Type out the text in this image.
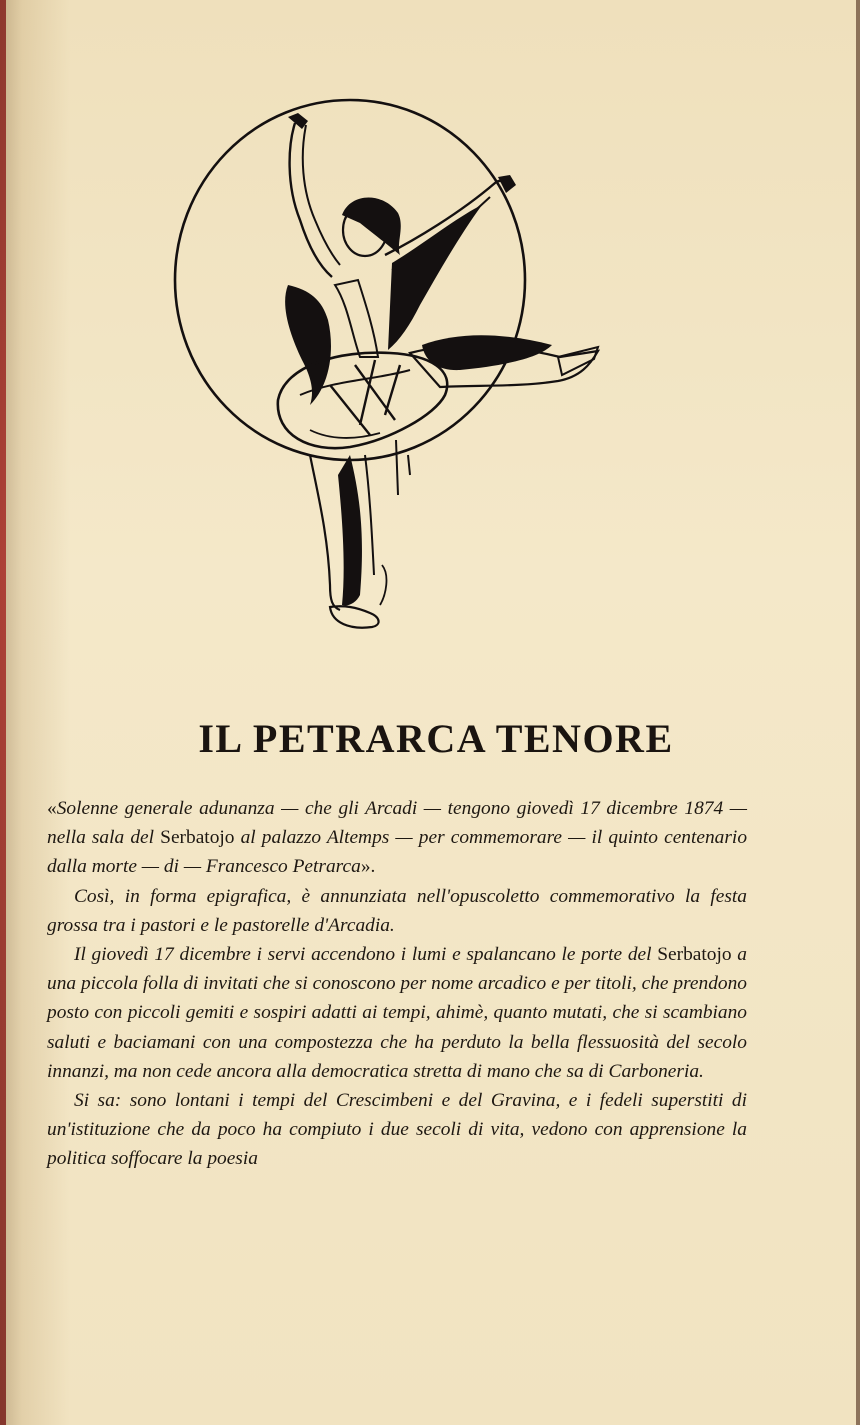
IL PETRARCA TENORE

«Solenne generale adunanza — che gli Arcadi — tengono giovedì 17 dicembre 1874 — nella sala del Serbatojo al palazzo Altemps — per commemorare — il quinto centenario dalla morte — di — Francesco Petrarca».

Così, in forma epigrafica, è annunziata nell'opuscoletto commemorativo la festa grossa tra i pastori e le pastorelle d'Arcadia.

Il giovedì 17 dicembre i servi accendono i lumi e spalancano le porte del Serbatojo a una piccola folla di invitati che si conoscono per nome arcadico e per titoli, che prendono posto con piccoli gemiti e sospiri adatti ai tempi, ahimè, quanto mutati, che si scambiano saluti e baciamani con una compostezza che ha perduto la bella flessuosità del secolo innanzi, ma non cede ancora alla democratica stretta di mano che sa di Carboneria.

Si sa: sono lontani i tempi del Crescimbeni e del Gravina, e i fedeli superstiti di un'istituzione che da poco ha compiuto i due secoli di vita, vedono con apprensione la politica soffocare la poesia
